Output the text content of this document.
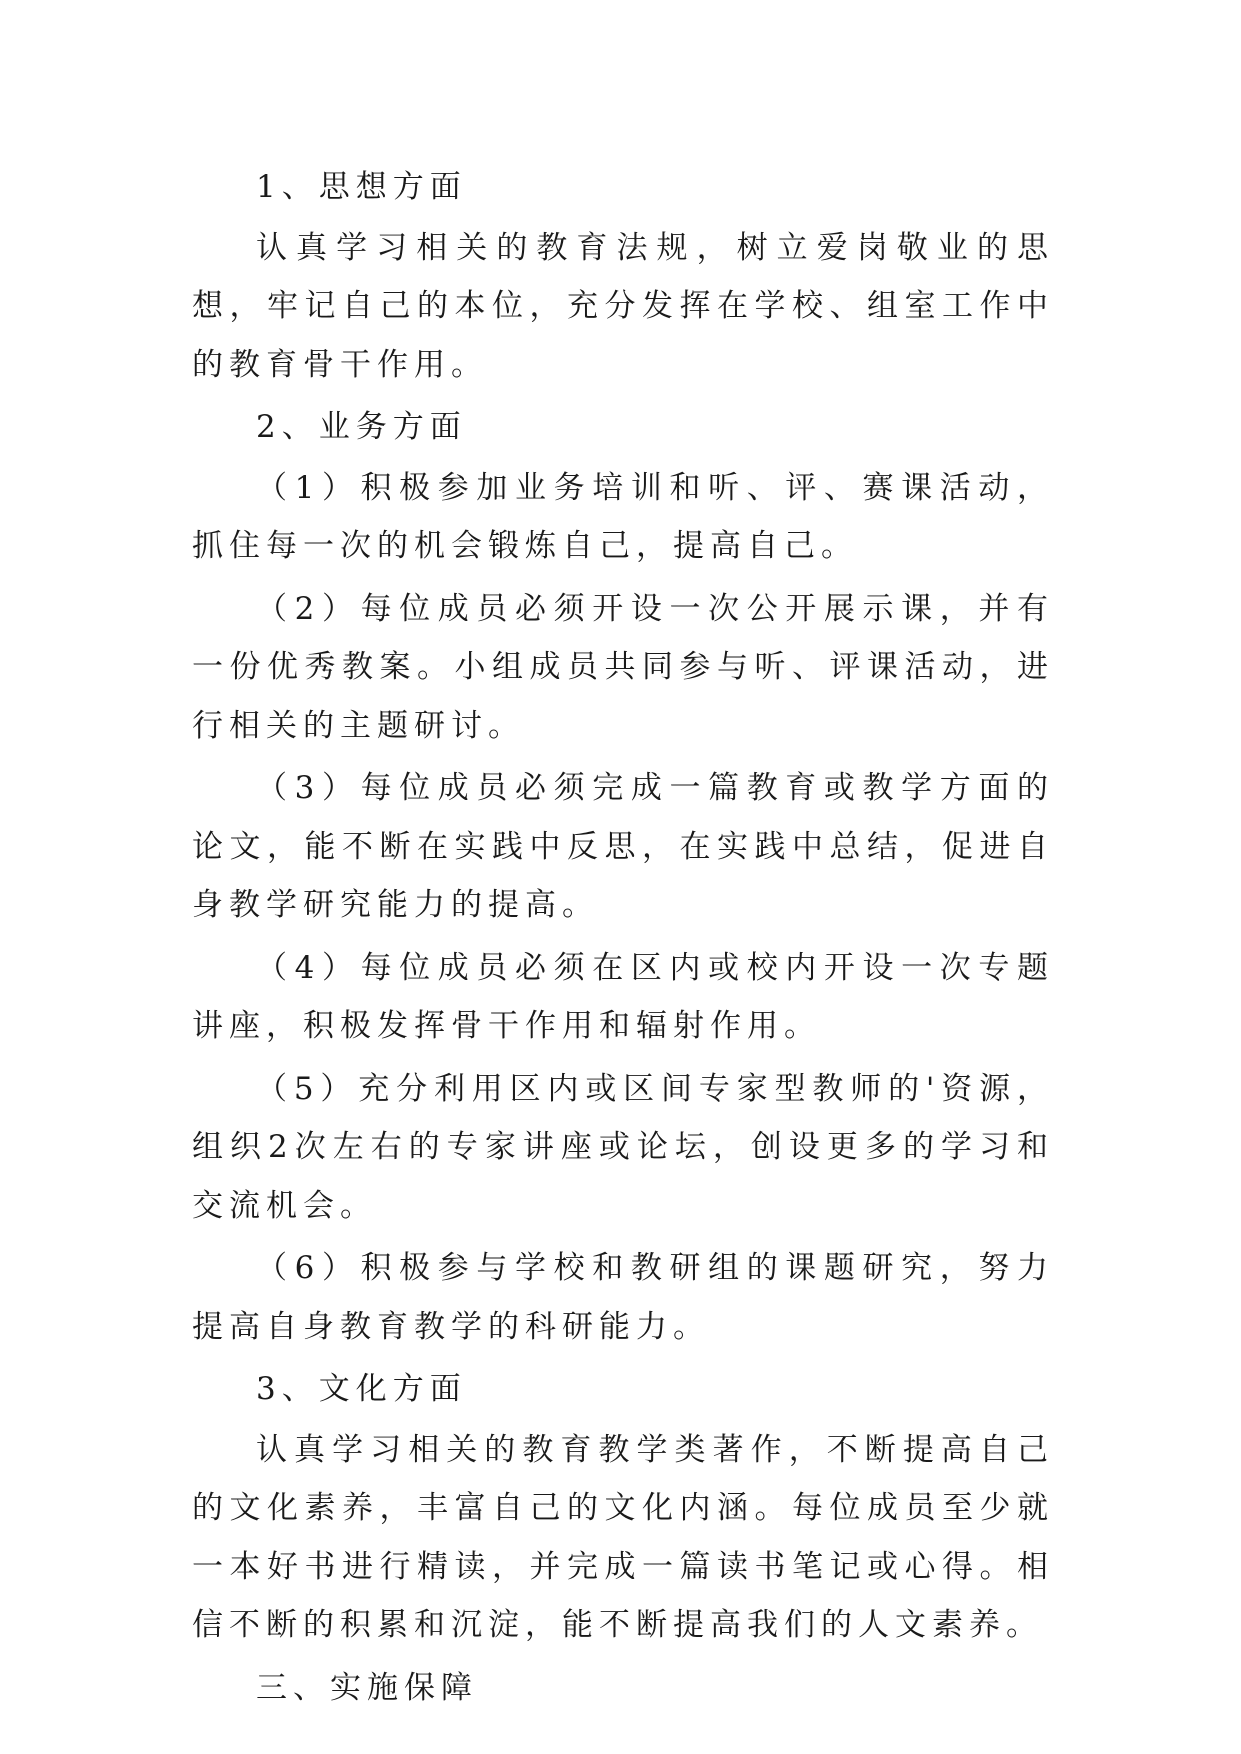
1、思想方面

认真学习相关的教育法规，树立爱岗敬业的思想，牢记自己的本位，充分发挥在学校、组室工作中的教育骨干作用。

2、业务方面

（1）积极参加业务培训和听、评、赛课活动，抓住每一次的机会锻炼自己，提高自己。

（2）每位成员必须开设一次公开展示课，并有一份优秀教案。小组成员共同参与听、评课活动，进行相关的主题研讨。

（3）每位成员必须完成一篇教育或教学方面的论文，能不断在实践中反思，在实践中总结，促进自身教学研究能力的提高。

（4）每位成员必须在区内或校内开设一次专题讲座，积极发挥骨干作用和辐射作用。

（5）充分利用区内或区间专家型教师的'资源，组织2次左右的专家讲座或论坛，创设更多的学习和交流机会。

（6）积极参与学校和教研组的课题研究，努力提高自身教育教学的科研能力。

3、文化方面

认真学习相关的教育教学类著作，不断提高自己的文化素养，丰富自己的文化内涵。每位成员至少就一本好书进行精读，并完成一篇读书笔记或心得。相信不断的积累和沉淀，能不断提高我们的人文素养。

三、实施保障
